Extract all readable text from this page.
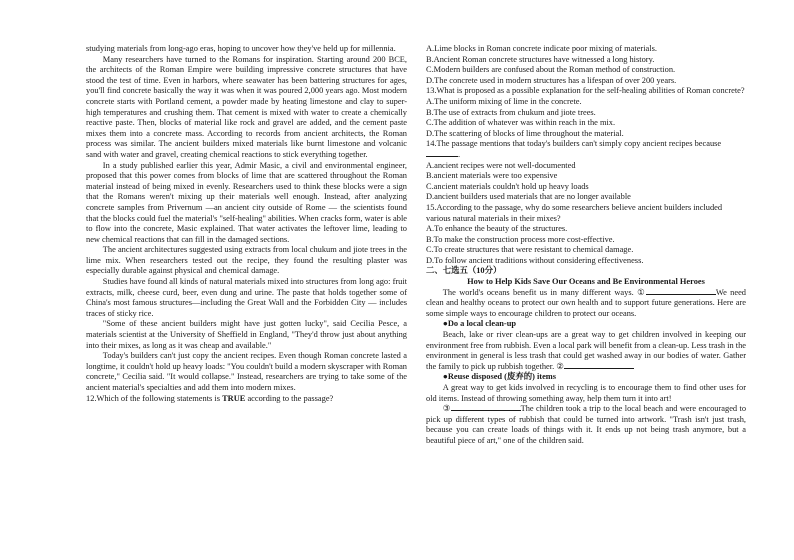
studying materials from long-ago eras, hoping to uncover how they've held up for millennia.

Many researchers have turned to the Romans for inspiration. Starting around 200 BCE, the architects of the Roman Empire were building impressive concrete structures that have stood the test of time. Even in harbors, where seawater has been battering structures for ages, you'll find concrete basically the way it was when it was poured 2,000 years ago. Most modern concrete starts with Portland cement, a powder made by heating limestone and clay to super-high temperatures and crushing them. That cement is mixed with water to create a chemically reactive paste. Then, blocks of material like rock and gravel are added, and the cement paste mixes them into a concrete mass. According to records from ancient architects, the Roman process was similar. The ancient builders mixed materials like burnt limestone and volcanic sand with water and gravel, creating chemical reactions to stick everything together.

In a study published earlier this year, Admir Masic, a civil and environmental engineer, proposed that this power comes from blocks of lime that are scattered throughout the Roman material instead of being mixed in evenly. Researchers used to think these blocks were a sign that the Romans weren't mixing up their materials well enough. Instead, after analyzing concrete samples from Privernum —an ancient city outside of Rome — the scientists found that the blocks could fuel the material's "self-healing" abilities. When cracks form, water is able to flow into the concrete, Masic explained. That water activates the leftover lime, leading to new chemical reactions that can fill in the damaged sections.

The ancient architectures suggested using extracts from local chukum and jiote trees in the lime mix. When researchers tested out the recipe, they found the resulting plaster was especially durable against physical and chemical damage.

Studies have found all kinds of natural materials mixed into structures from long ago: fruit extracts, milk, cheese curd, beer, even dung and urine. The paste that holds together some of China's most famous structures—including the Great Wall and the Forbidden City — includes traces of sticky rice.

"Some of these ancient builders might have just gotten lucky", said Cecilia Pesce, a materials scientist at the University of Sheffield in England, "They'd throw just about anything into their mixes, as long as it was cheap and available."

Today's builders can't just copy the ancient recipes. Even though Roman concrete lasted a longtime, it couldn't hold up heavy loads: "You couldn't build a modern skyscraper with Roman concrete," Cecilia said. "It would collapse." Instead, researchers are trying to take some of the ancient material's specialties and add them into modern mixes.

12.Which of the following statements is TRUE according to the passage?

A.Lime blocks in Roman concrete indicate poor mixing of materials.

B.Ancient Roman concrete structures have witnessed a long history.

C.Modern builders are confused about the Roman method of construction.

D.The concrete used in modern structures has a lifespan of over 200 years.

13.What is proposed as a possible explanation for the self-healing abilities of Roman concrete?

A.The uniform mixing of lime in the concrete.

B.The use of extracts from chukum and jiote trees.

C.The addition of whatever was within reach in the mix.

D.The scattering of blocks of lime throughout the material.

14.The passage mentions that today's builders can't simply copy ancient recipes because .

A.ancient recipes were not well-documented

B.ancient materials were too expensive

C.ancient materials couldn't hold up heavy loads

D.ancient builders used materials that are no longer available

15.According to the passage, why do some researchers believe ancient builders included various natural materials in their mixes?

A.To enhance the beauty of the structures.

B.To make the construction process more cost-effective.

C.To create structures that were resistant to chemical damage.

D.To follow ancient traditions without considering effectiveness.

二、七选五（10分）

How to Help Kids Save Our Oceans and Be Environmental Heroes

The world's oceans benefit us in many different ways. ①	We need clean and healthy oceans to protect our own health and to support future generations. Here are some simple ways to encourage children to protect our oceans.

●Do a local clean-up

Beach, lake or river clean-ups are a great way to get children involved in keeping our environment free from rubbish. Even a local park will benefit from a clean-up. Less trash in the environment in general is less trash that could get washed away in our bodies of water. Gather the family to pick up rubbish together. ②

●Reuse disposed (废弃的) items

A great way to get kids involved in recycling is to encourage them to find other uses for old items. Instead of throwing something away, help them turn it into art!

③	The children took a trip to the local beach and were encouraged to pick up different types of rubbish that could be turned into artwork. "Trash isn't just trash, because you can create loads of things with it. It ends up not being trash anymore, but a beautiful piece of art," one of the children said.
